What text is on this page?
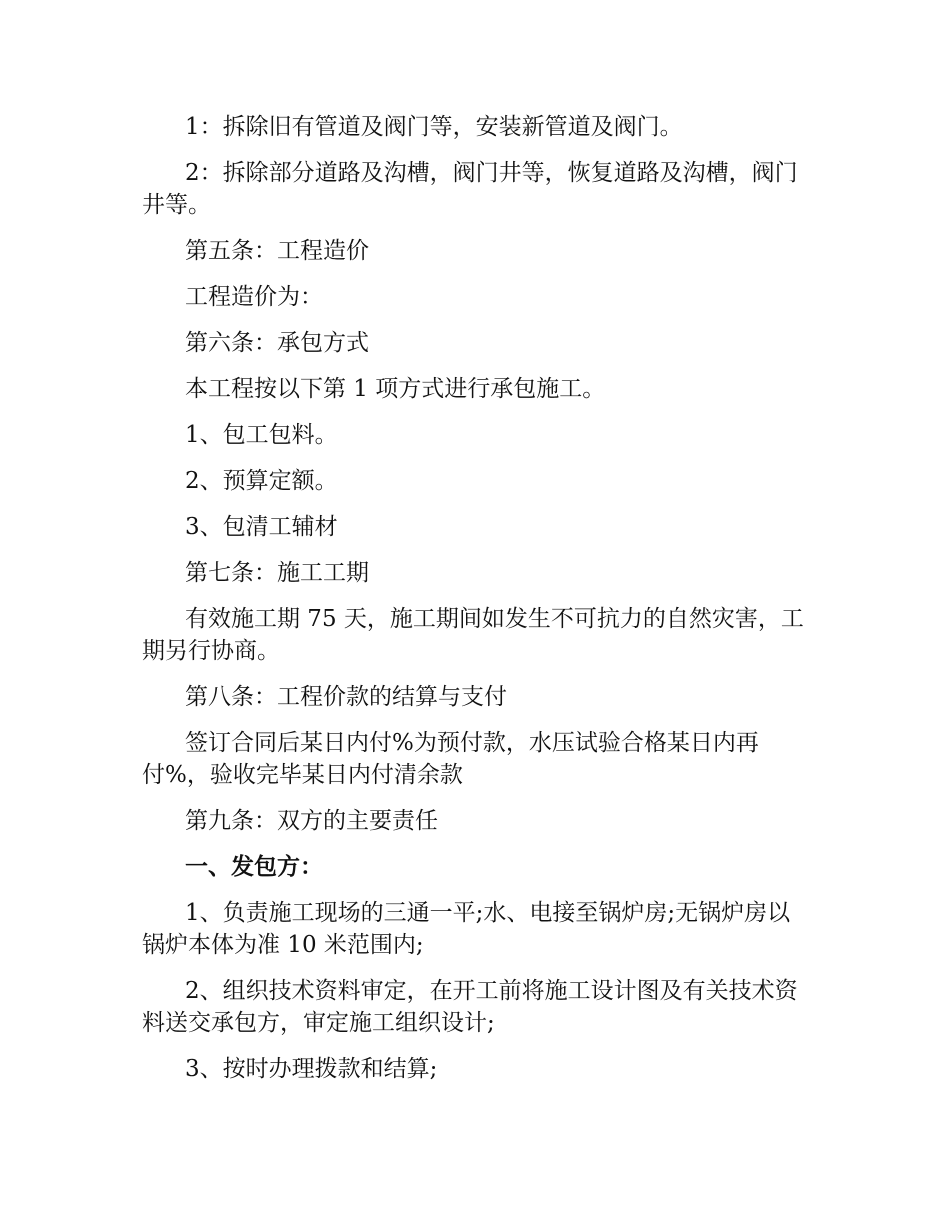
1：拆除旧有管道及阀门等，安装新管道及阀门。

2：拆除部分道路及沟槽，阀门井等，恢复道路及沟槽，阀门井等。

第五条：工程造价

工程造价为：

第六条：承包方式

本工程按以下第 1 项方式进行承包施工。

1、包工包料。

2、预算定额。

3、包清工辅材

第七条：施工工期

有效施工期 75 天，施工期间如发生不可抗力的自然灾害，工期另行协商。

第八条：工程价款的结算与支付

签订合同后某日内付%为预付款，水压试验合格某日内再付%，验收完毕某日内付清余款

第九条：双方的主要责任

一、发包方：

1、负责施工现场的三通一平;水、电接至锅炉房;无锅炉房以锅炉本体为准 10 米范围内;

2、组织技术资料审定，在开工前将施工设计图及有关技术资料送交承包方，审定施工组织设计;

3、按时办理拨款和结算;
